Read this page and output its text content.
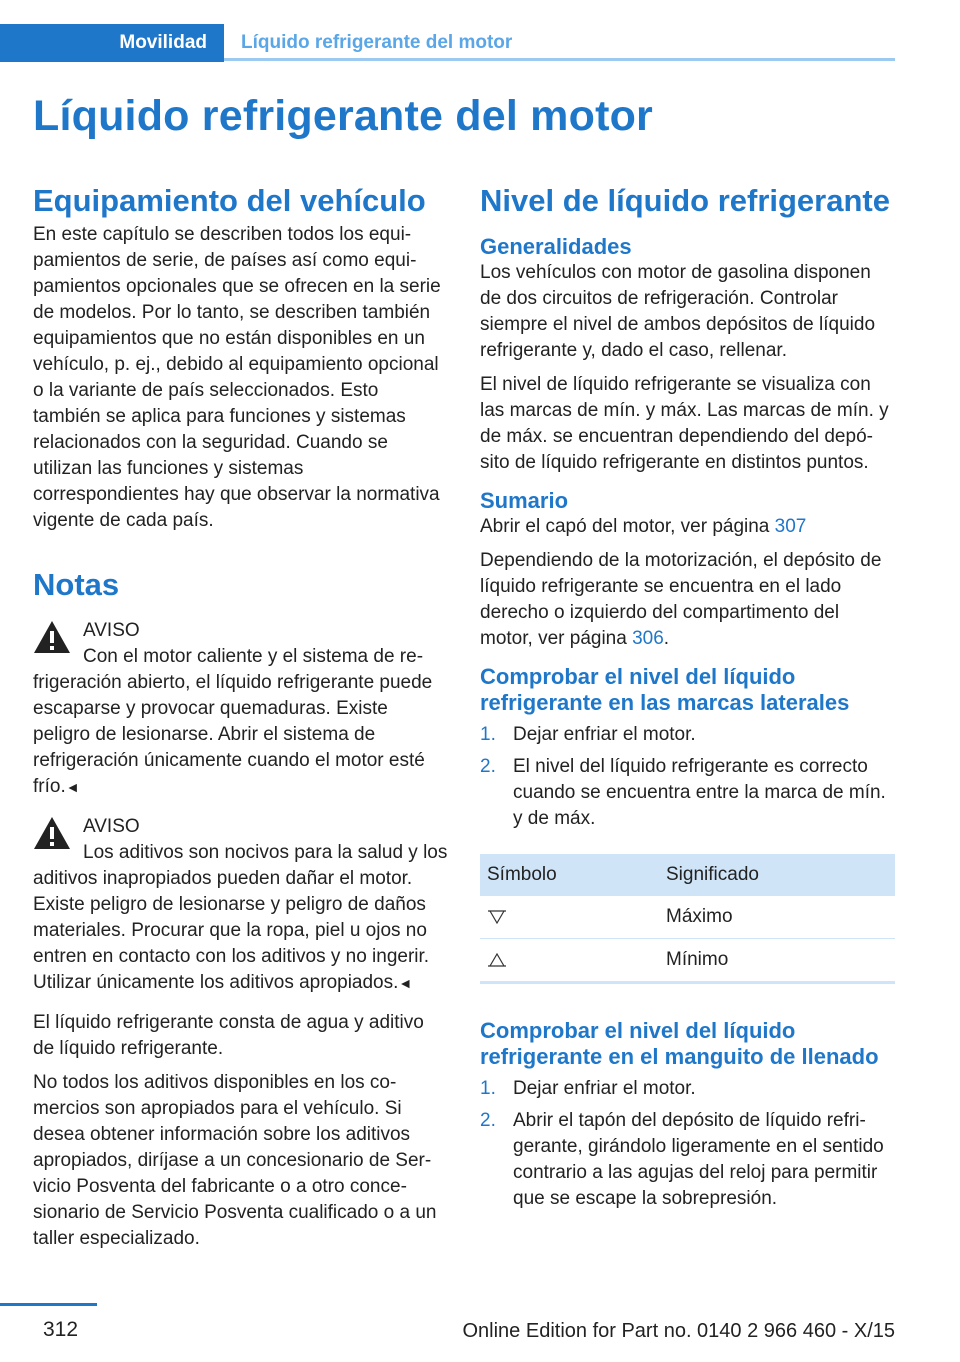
Movilidad	Líquido refrigerante del motor
Líquido refrigerante del motor
Equipamiento del vehículo

En este capítulo se describen todos los equipamientos de serie, de países así como equipamientos opcionales que se ofrecen en la serie de modelos. Por lo tanto, se describen también equipamientos que no están disponibles en un vehículo, p. ej., debido al equipamiento opcional o la variante de país seleccionados. Esto también se aplica para funciones y sistemas relacionados con la seguridad. Cuando se utilizan las funciones y sistemas correspondientes hay que observar la normativa vigente de cada país.

Notas
AVISO
Con el motor caliente y el sistema de refrigeración abierto, el líquido refrigerante puede escaparse y provocar quemaduras. Existe peligro de lesionarse. Abrir el sistema de refrigeración únicamente cuando el motor esté frío.◄
AVISO
Los aditivos son nocivos para la salud y los aditivos inapropiados pueden dañar el motor. Existe peligro de lesionarse y peligro de daños materiales. Procurar que la ropa, piel u ojos no entren en contacto con los aditivos y no ingerir. Utilizar únicamente los aditivos apropiados.◄

El líquido refrigerante consta de agua y aditivo de líquido refrigerante.

No todos los aditivos disponibles en los comercios son apropiados para el vehículo. Si desea obtener información sobre los aditivos apropiados, diríjase a un concesionario de Servicio Posventa del fabricante o a otro concesionario de Servicio Posventa cualificado o a un taller especializado.

Nivel de líquido refrigerante
Generalidades

Los vehículos con motor de gasolina disponen de dos circuitos de refrigeración. Controlar siempre el nivel de ambos depósitos de líquido refrigerante y, dado el caso, rellenar.

El nivel de líquido refrigerante se visualiza con las marcas de mín. y máx. Las marcas de mín. y de máx. se encuentran dependiendo del depósito de líquido refrigerante en distintos puntos.

Sumario

Abrir el capó del motor, ver página 307

Dependiendo de la motorización, el depósito de líquido refrigerante se encuentra en el lado derecho o izquierdo del compartimento del motor, ver página 306.

Comprobar el nivel del líquido refrigerante en las marcas laterales
1. Dejar enfriar el motor.
2. El nivel del líquido refrigerante es correcto cuando se encuentra entre la marca de mín. y de máx.
Símbolo	Significado
	Máximo
	Mínimo
Comprobar el nivel del líquido refrigerante en el manguito de llenado
1. Dejar enfriar el motor.
2. Abrir el tapón del depósito de líquido refrigerante, girándolo ligeramente en el sentido contrario a las agujas del reloj para permitir que se escape la sobrepresión.
312	Online Edition for Part no. 0140 2 966 460 - X/15
